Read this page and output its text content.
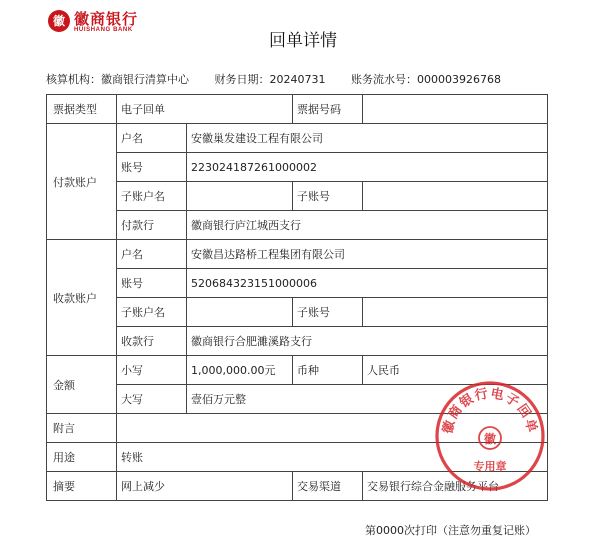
徽 徽商银行
HUISHANG BANK
回单详情
核算机构：徽商银行清算中心 财务日期：20240731 账务流水号：000003926768
票据类型	电子回单		票据号码	
付款账户	户名	安徽巢发建设工程有限公司		
	账号	223024187261000002		
	子账户名		子账号	
	付款行	徽商银行庐江城西支行		
收款账户	户名	安徽昌达路桥工程集团有限公司		
	账号	520684323151000006		
	子账户名		子账号	
	收款行	徽商银行合肥濉溪路支行		
金额	小写	1,000,000.00元	币种	人民币
	大写	壹佰万元整		
附言				
用途	转账			
摘要	网上减少		交易渠道	交易银行综合金融服务平台
徽商银行电子回单
徽
专用章
第0000次打印（注意勿重复记账）
